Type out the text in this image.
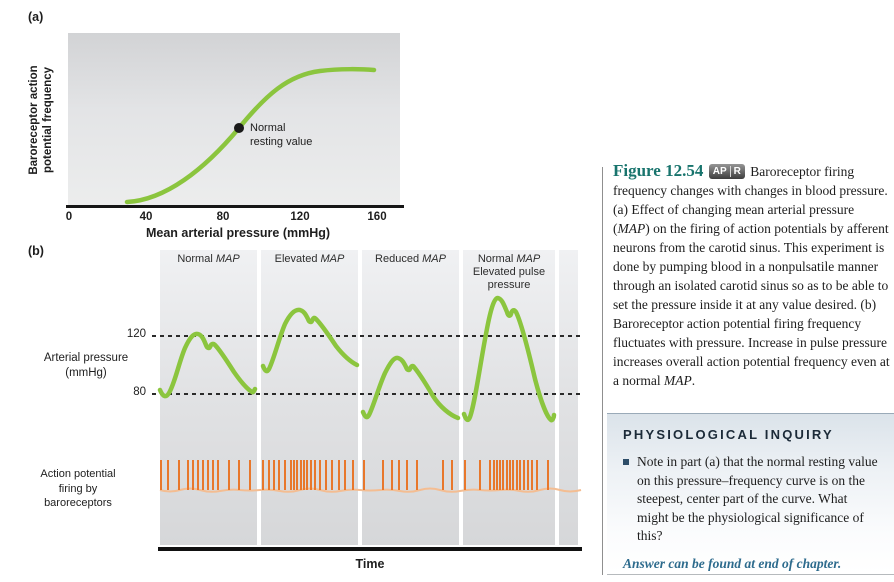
(a)
Baroreceptor action potential frequency
0	40	80	120	160
Mean arterial pressure (mmHg)
Normal
resting value
(b)
Normal MAP	Elevated MAP	Reduced MAP	Normal MAP
Elevated pulse
pressure
120
80
Arterial pressure
(mmHg)
Action potential
firing by
baroreceptors
Time
Figure 12.54 AP R Baroreceptor firing frequency changes with changes in blood pressure. (a) Effect of changing mean arterial pressure (MAP) on the firing of action potentials by afferent neurons from the carotid sinus. This experiment is done by pumping blood in a nonpulsatile manner through an isolated carotid sinus so as to be able to set the pressure inside it at any value desired. (b) Baroreceptor action potential firing frequency fluctuates with pressure. Increase in pulse pressure increases overall action potential frequency even at a normal MAP.
PHYSIOLOGICAL INQUIRY
Note in part (a) that the normal resting value on this pressure–frequency curve is on the steepest, center part of the curve. What might be the physiological significance of this?
Answer can be found at end of chapter.
